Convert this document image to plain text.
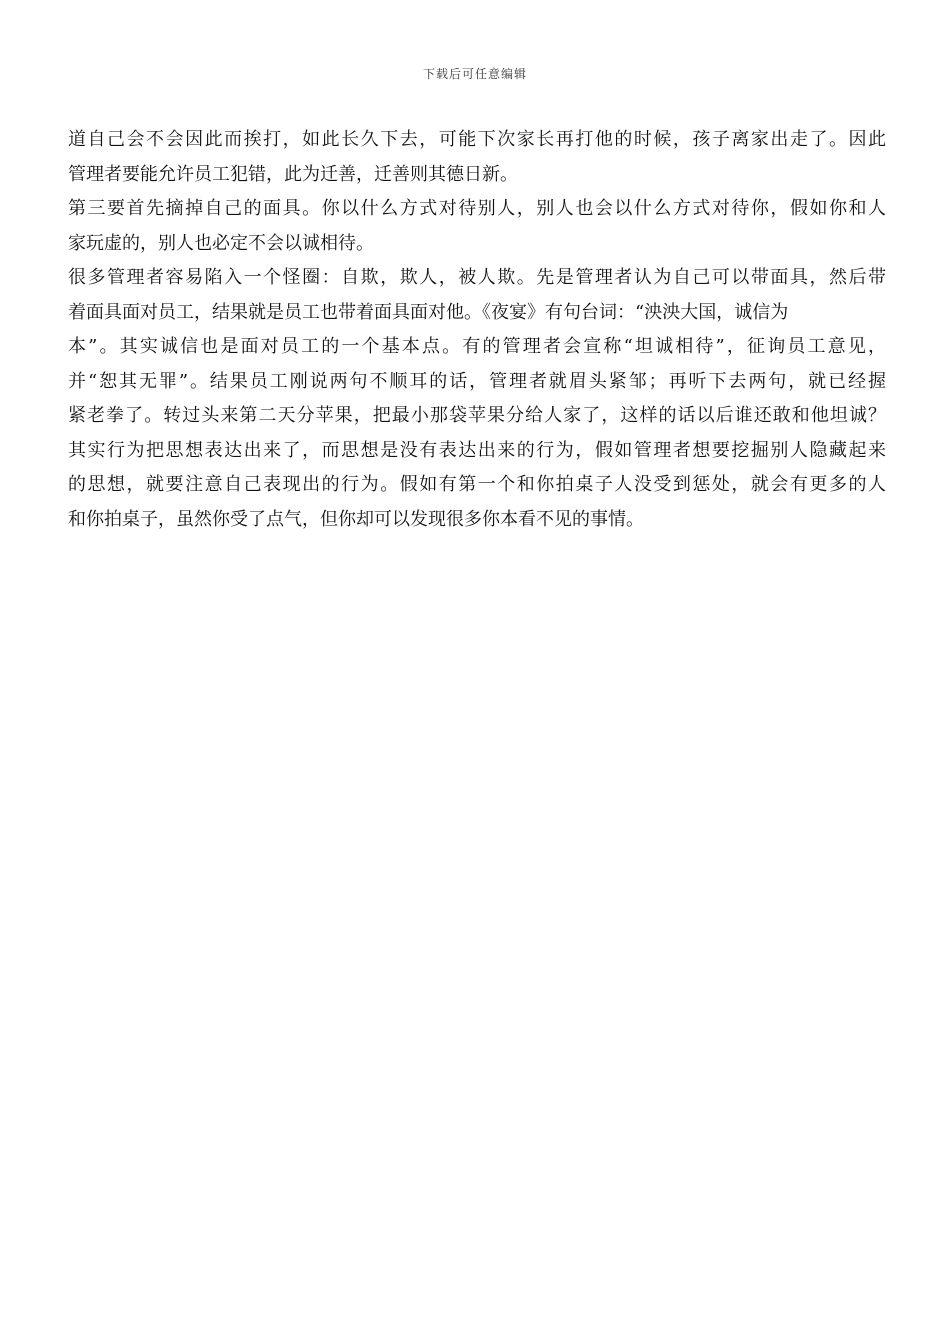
下载后可任意编辑
道自己会不会因此而挨打，如此长久下去，可能下次家长再打他的时候，孩子离家出走了。因此
管理者要能允许员工犯错，此为迁善，迁善则其德日新。
第三要首先摘掉自己的面具。你以什么方式对待别人，别人也会以什么方式对待你，假如你和人
家玩虚的，别人也必定不会以诚相待。
很多管理者容易陷入一个怪圈：自欺，欺人，被人欺。先是管理者认为自己可以带面具，然后带
着面具面对员工，结果就是员工也带着面具面对他。《夜宴》有句台词：“泱泱大国，诚信为
本”。其实诚信也是面对员工的一个基本点。有的管理者会宣称“坦诚相待”，征询员工意见，
并“恕其无罪”。结果员工刚说两句不顺耳的话，管理者就眉头紧邹；再听下去两句，就已经握
紧老拳了。转过头来第二天分苹果，把最小那袋苹果分给人家了，这样的话以后谁还敢和他坦诚？
其实行为把思想表达出来了，而思想是没有表达出来的行为，假如管理者想要挖掘别人隐藏起来
的思想，就要注意自己表现出的行为。假如有第一个和你拍桌子人没受到惩处，就会有更多的人
和你拍桌子，虽然你受了点气，但你却可以发现很多你本看不见的事情。
